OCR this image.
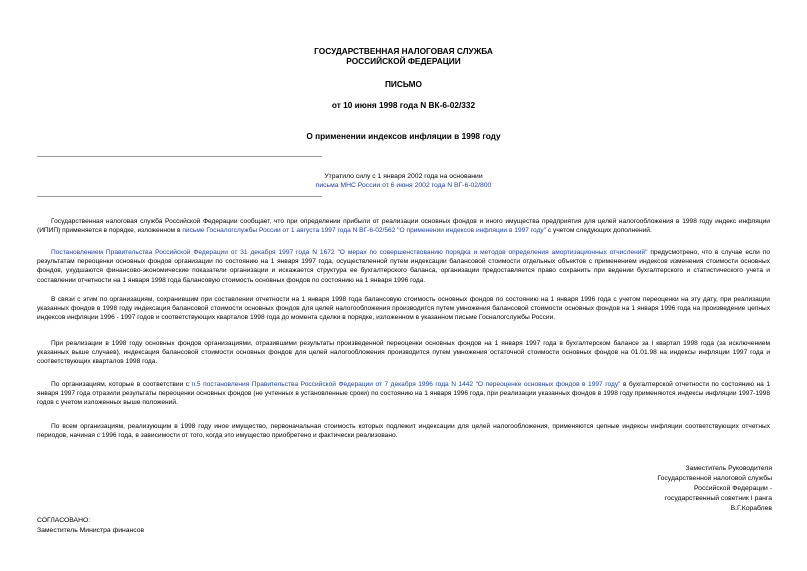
ГОСУДАРСТВЕННАЯ НАЛОГОВАЯ СЛУЖБА
РОССИЙСКОЙ ФЕДЕРАЦИИ
ПИСЬМО
от 10 июня 1998 года N ВК-6-02/332
О применении индексов инфляции в 1998 году
Утратило силу с 1 января 2002 года на основании
письма МНС России от 6 июня 2002 года N ВГ-6-02/800
Государственная налоговая служба Российской Федерации сообщает, что при определении прибыли от реализации основных фондов и иного имущества предприятия для целей налогообложения в 1998 году индекс инфляции (ИПИП) применяется в порядке, изложенном в письме Госналогслужбы России от 1 августа 1997 года N ВГ-6-02/562 "О применении индексов инфляции в 1997 году" с учетом следующих дополнений.
Постановлением Правительства Российской Федерации от 31 декабря 1997 года N 1672 "О мерах по совершенствованию порядка и методов определения амортизационных отчислений" предусмотрено, что в случае если по результатам переоценки основных фондов организации по состоянию на 1 января 1997 года, осуществленной путем индексации балансовой стоимости отдельных объектов с применением индексов изменения стоимости основных фондов, ухудшаются финансово-экономические показатели организации и искажается структура ее бухгалтерского баланса, организации предоставляется право сохранить при ведении бухгалтерского и статистического учета и составлении отчетности на 1 января 1998 года балансовую стоимость основных фондов по состоянию на 1 января 1996 года.
В связи с этим по организациям, сохранившим при составлении отчетности на 1 января 1998 года балансовую стоимость основных фондов по состоянию на 1 января 1996 года с учетом переоценки на эту дату, при реализации указанных фондов в 1998 году индексация балансовой стоимости основных фондов для целей налогообложения производится путем умножения балансовой стоимости основных фондов на 1 января 1996 года на произведение цепных индексов инфляции 1996 - 1997 годов и соответствующих кварталов 1998 года до момента сделки в порядке, изложенном в указанном письме Госналогслужбы России.
При реализации в 1998 году основных фондов организациями, отразившими результаты произведенной переоценки основных фондов на 1 января 1997 года в бухгалтерском балансе за I квартал 1998 года (за исключением указанных выше случаев), индексация балансовой стоимости основных фондов для целей налогообложения производится путем умножения остаточной стоимости основных фондов на 01.01.98 на индексы инфляции 1997 года и соответствующих кварталов 1998 года.
По организациям, которые в соответствии с п.5 постановления Правительства Российской Федерации от 7 декабря 1996 года N 1442 "О переоценке основных фондов в 1997 году" в бухгалтерской отчетности по состоянию на 1 января 1997 года отразили результаты переоценки основных фондов (не учтенных в установленные сроки) по состоянию на 1 января 1996 года, при реализации указанных фондов в 1998 году применяются индексы инфляции 1997-1998 годов с учетом изложенных выше положений.
По всем организациям, реализующим в 1998 году иное имущество, первоначальная стоимость которых подлежит индексации для целей налогообложения, применяются цепные индексы инфляции соответствующих отчетных периодов, начиная с 1996 года, в зависимости от того, когда это имущество приобретено и фактически реализовано.
Заместитель Руководителя
Государственной налоговой службы
Российской Федерации -
государственный советник I ранга
В.Г.Кораблев
СОГЛАСОВАНО:
Заместитель Министра финансов
